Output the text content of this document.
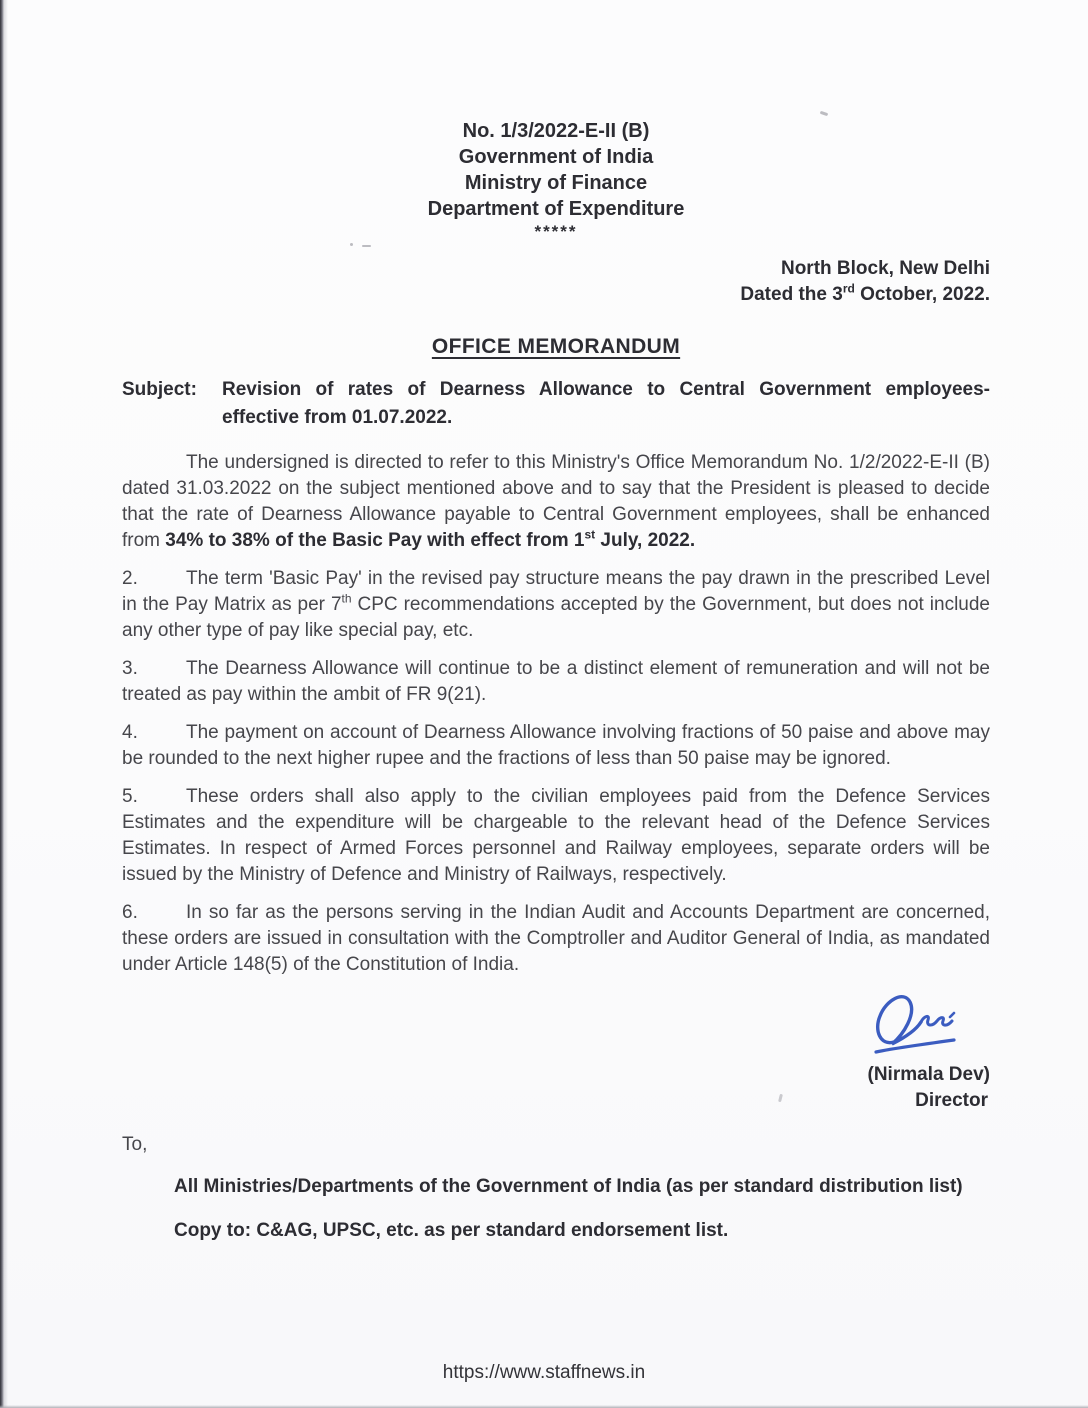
No. 1/3/2022-E-II (B)
Government of India
Ministry of Finance
Department of Expenditure
*****
North Block, New Delhi
Dated the 3rd October, 2022.
OFFICE MEMORANDUM
Subject:	Revision of rates of Dearness Allowance to Central Government employees-
effective from 01.07.2022.

The undersigned is directed to refer to this Ministry's Office Memorandum No. 1/2/2022-E-II (B) dated 31.03.2022 on the subject mentioned above and to say that the President is pleased to decide that the rate of Dearness Allowance payable to Central Government employees, shall be enhanced from 34% to 38% of the Basic Pay with effect from 1st July, 2022.

2.	The term 'Basic Pay' in the revised pay structure means the pay drawn in the prescribed Level in the Pay Matrix as per 7th CPC recommendations accepted by the Government, but does not include any other type of pay like special pay, etc.

3.	The Dearness Allowance will continue to be a distinct element of remuneration and will not be treated as pay within the ambit of FR 9(21).

4.	The payment on account of Dearness Allowance involving fractions of 50 paise and above may be rounded to the next higher rupee and the fractions of less than 50 paise may be ignored.

5.	These orders shall also apply to the civilian employees paid from the Defence Services Estimates and the expenditure will be chargeable to the relevant head of the Defence Services Estimates. In respect of Armed Forces personnel and Railway employees, separate orders will be issued by the Ministry of Defence and Ministry of Railways, respectively.

6.	In so far as the persons serving in the Indian Audit and Accounts Department are concerned, these orders are issued in consultation with the Comptroller and Auditor General of India, as mandated under Article 148(5) of the Constitution of India.

(Nirmala Dev)
Director
To,
All Ministries/Departments of the Government of India (as per standard distribution list)
Copy to: C&AG, UPSC, etc. as per standard endorsement list.
https://www.staffnews.in
